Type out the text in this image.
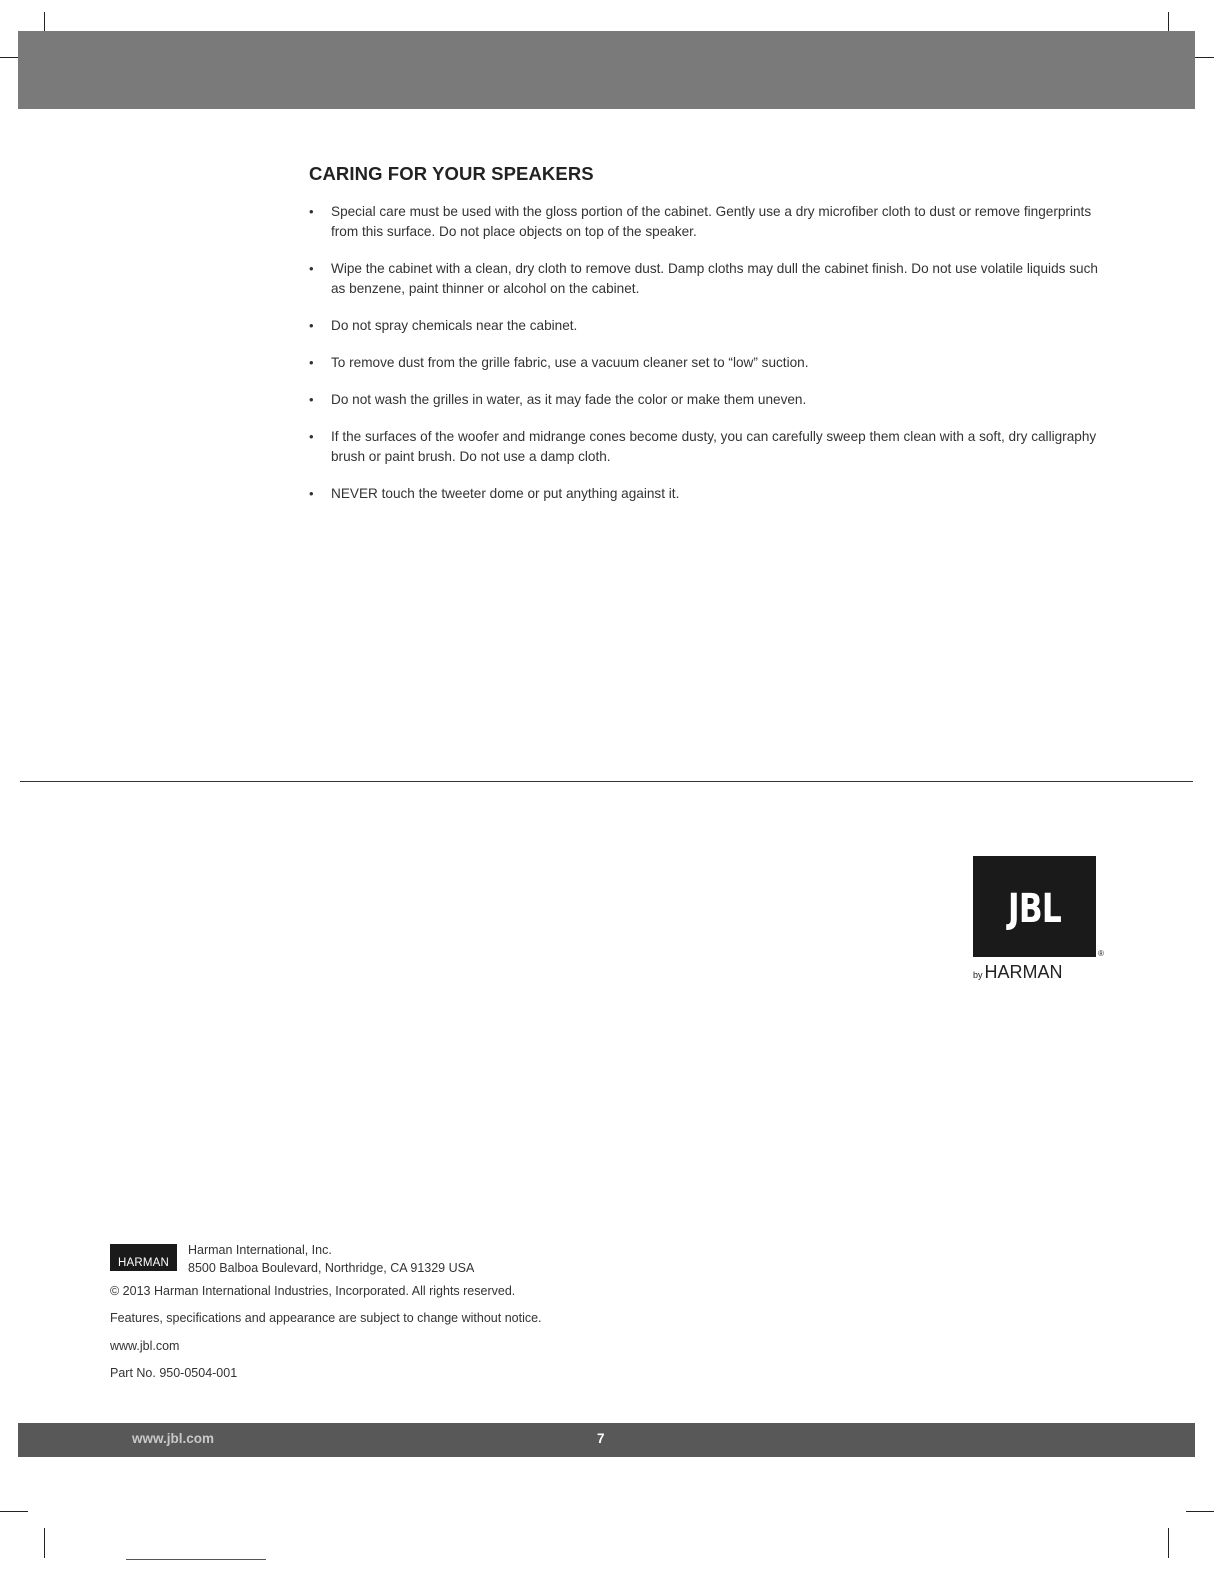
CARING FOR YOUR SPEAKERS
• Special care must be used with the gloss portion of the cabinet. Gently use a dry microfiber cloth to dust or remove fingerprints from this surface. Do not place objects on top of the speaker.
• Wipe the cabinet with a clean, dry cloth to remove dust. Damp cloths may dull the cabinet finish. Do not use volatile liquids such as benzene, paint thinner or alcohol on the cabinet.
• Do not spray chemicals near the cabinet.
• To remove dust from the grille fabric, use a vacuum cleaner set to “low” suction.
• Do not wash the grilles in water, as it may fade the color or make them uneven.
• If the surfaces of the woofer and midrange cones become dusty, you can carefully sweep them clean with a soft, dry calligraphy brush or paint brush. Do not use a damp cloth.
• NEVER touch the tweeter dome or put anything against it.
JBL
®
by HARMAN
HARMAN
Harman International, Inc.
8500 Balboa Boulevard, Northridge, CA 91329 USA
© 2013 Harman International Industries, Incorporated. All rights reserved.
Features, specifications and appearance are subject to change without notice.
www.jbl.com
Part No. 950-0504-001
www.jbl.com	7
